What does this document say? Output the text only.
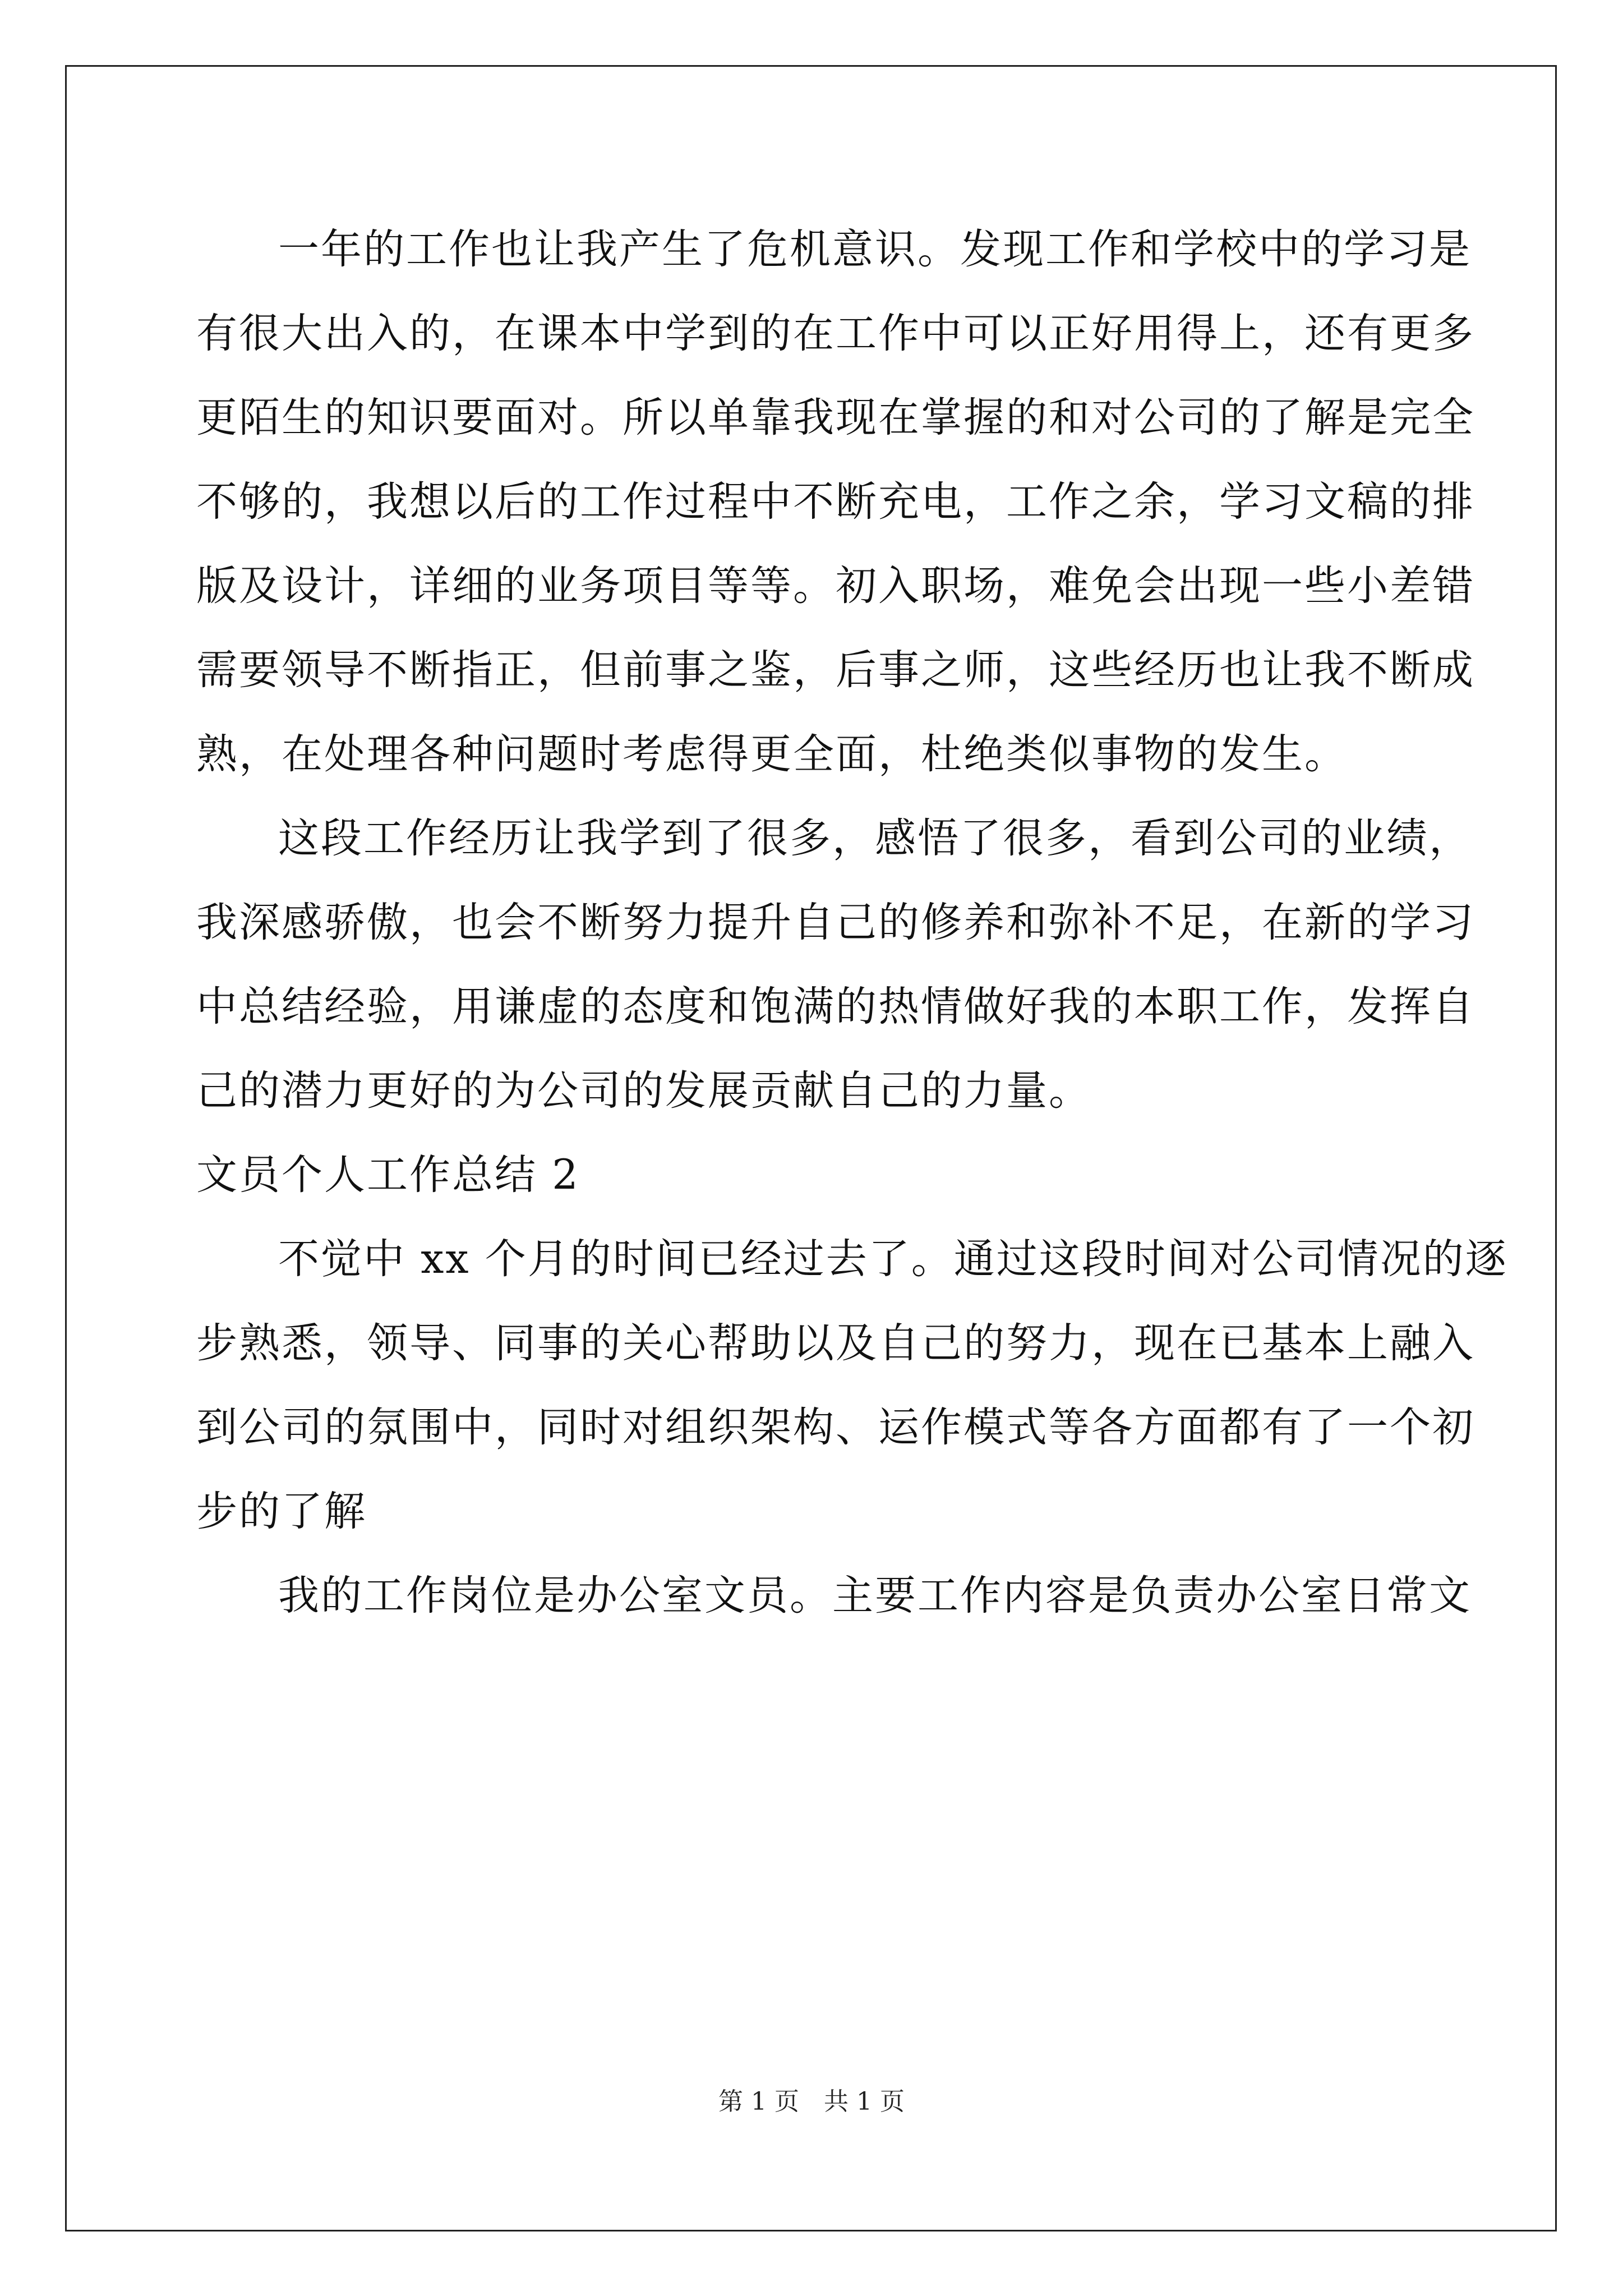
一年的工作也让我产生了危机意识。发现工作和学校中的学习是
有很大出入的，在课本中学到的在工作中可以正好用得上，还有更多
更陌生的知识要面对。所以单靠我现在掌握的和对公司的了解是完全
不够的，我想以后的工作过程中不断充电，工作之余，学习文稿的排
版及设计，详细的业务项目等等。初入职场，难免会出现一些小差错
需要领导不断指正，但前事之鉴，后事之师，这些经历也让我不断成
熟，在处理各种问题时考虑得更全面，杜绝类似事物的发生。
这段工作经历让我学到了很多，感悟了很多，看到公司的业绩，
我深感骄傲，也会不断努力提升自己的修养和弥补不足，在新的学习
中总结经验，用谦虚的态度和饱满的热情做好我的本职工作，发挥自
己的潜力更好的为公司的发展贡献自己的力量。
文员个人工作总结 2
不觉中 xx 个月的时间已经过去了。通过这段时间对公司情况的逐
步熟悉，领导、同事的关心帮助以及自己的努力，现在已基本上融入
到公司的氛围中，同时对组织架构、运作模式等各方面都有了一个初
步的了解
我的工作岗位是办公室文员。主要工作内容是负责办公室日常文
第 1 页　共 1 页
